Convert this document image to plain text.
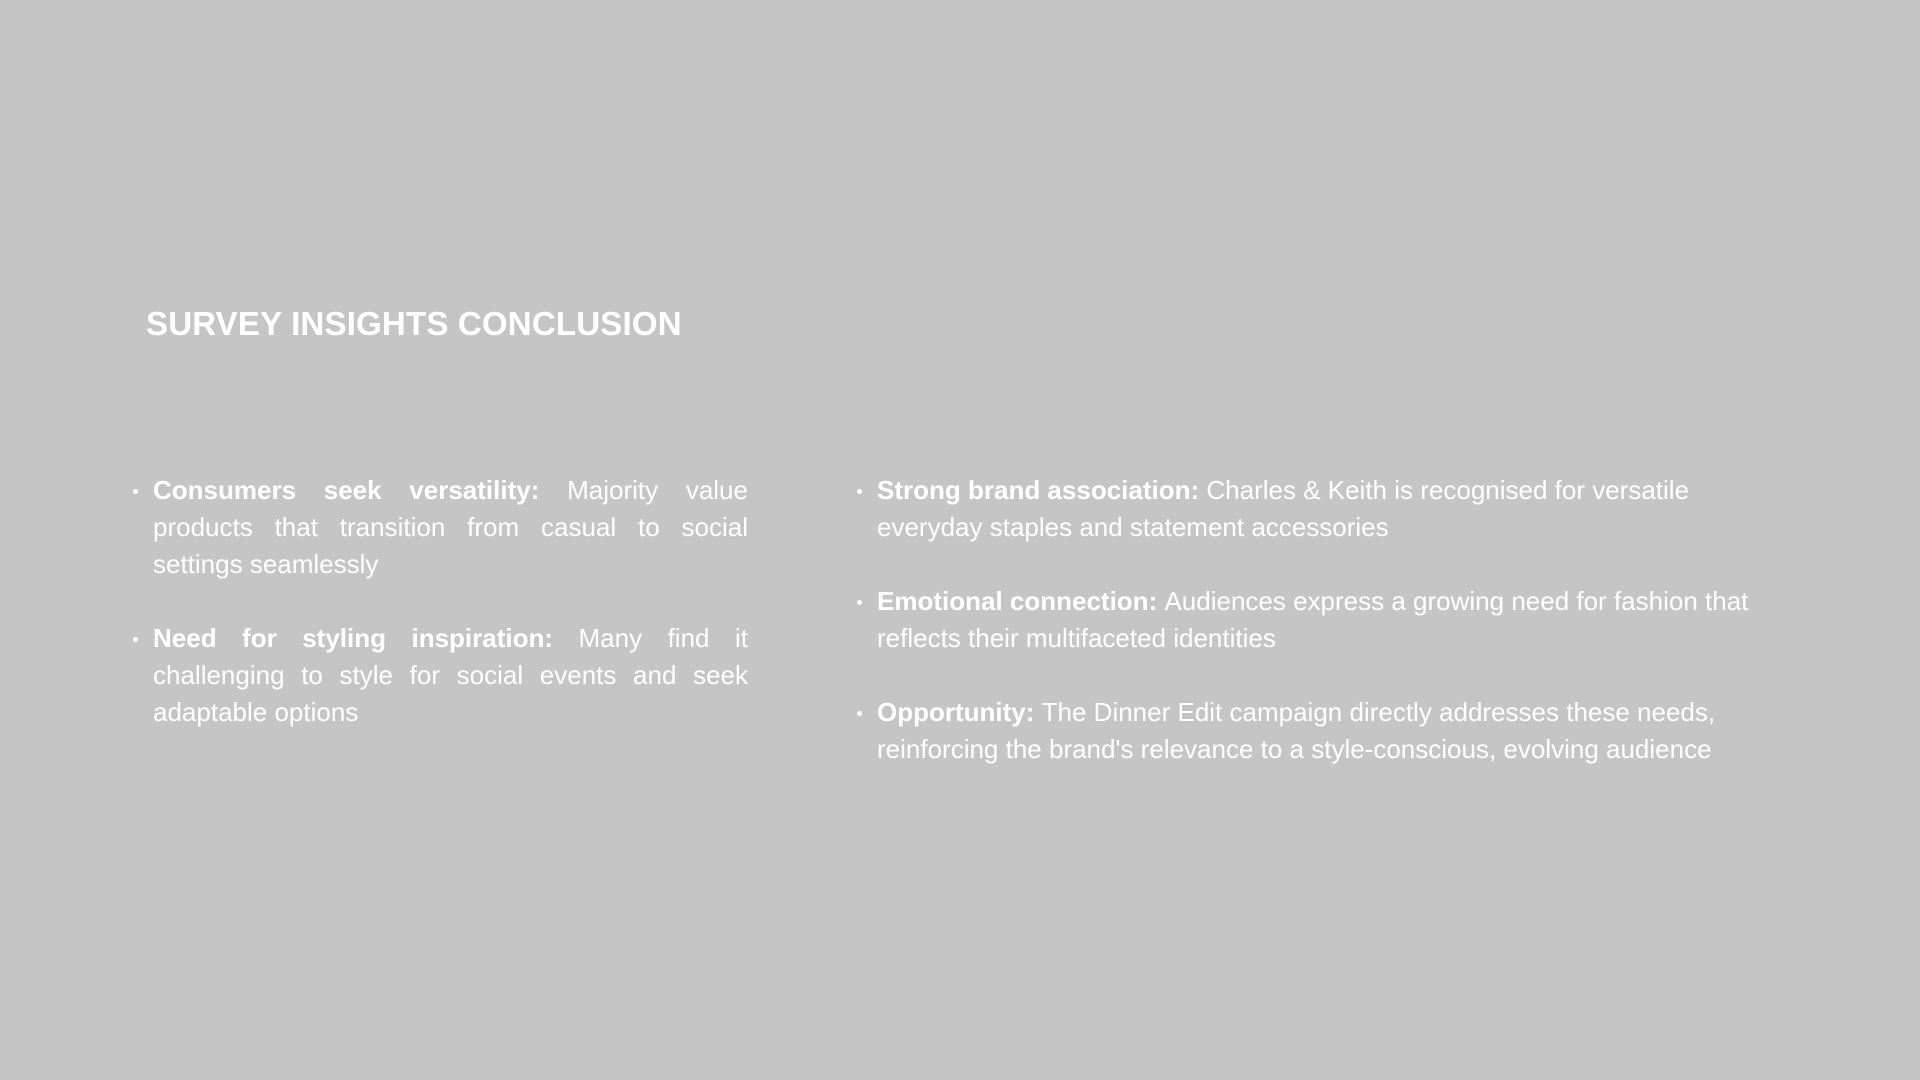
SURVEY INSIGHTS CONCLUSION
Consumers seek versatility: Majority value products that transition from casual to social settings seamlessly
Need for styling inspiration: Many find it challenging to style for social events and seek adaptable options
Strong brand association: Charles & Keith is recognised for versatile everyday staples and statement accessories
Emotional connection: Audiences express a growing need for fashion that reflects their multifaceted identities
Opportunity: The Dinner Edit campaign directly addresses these needs, reinforcing the brand's relevance to a style-conscious, evolving audience
